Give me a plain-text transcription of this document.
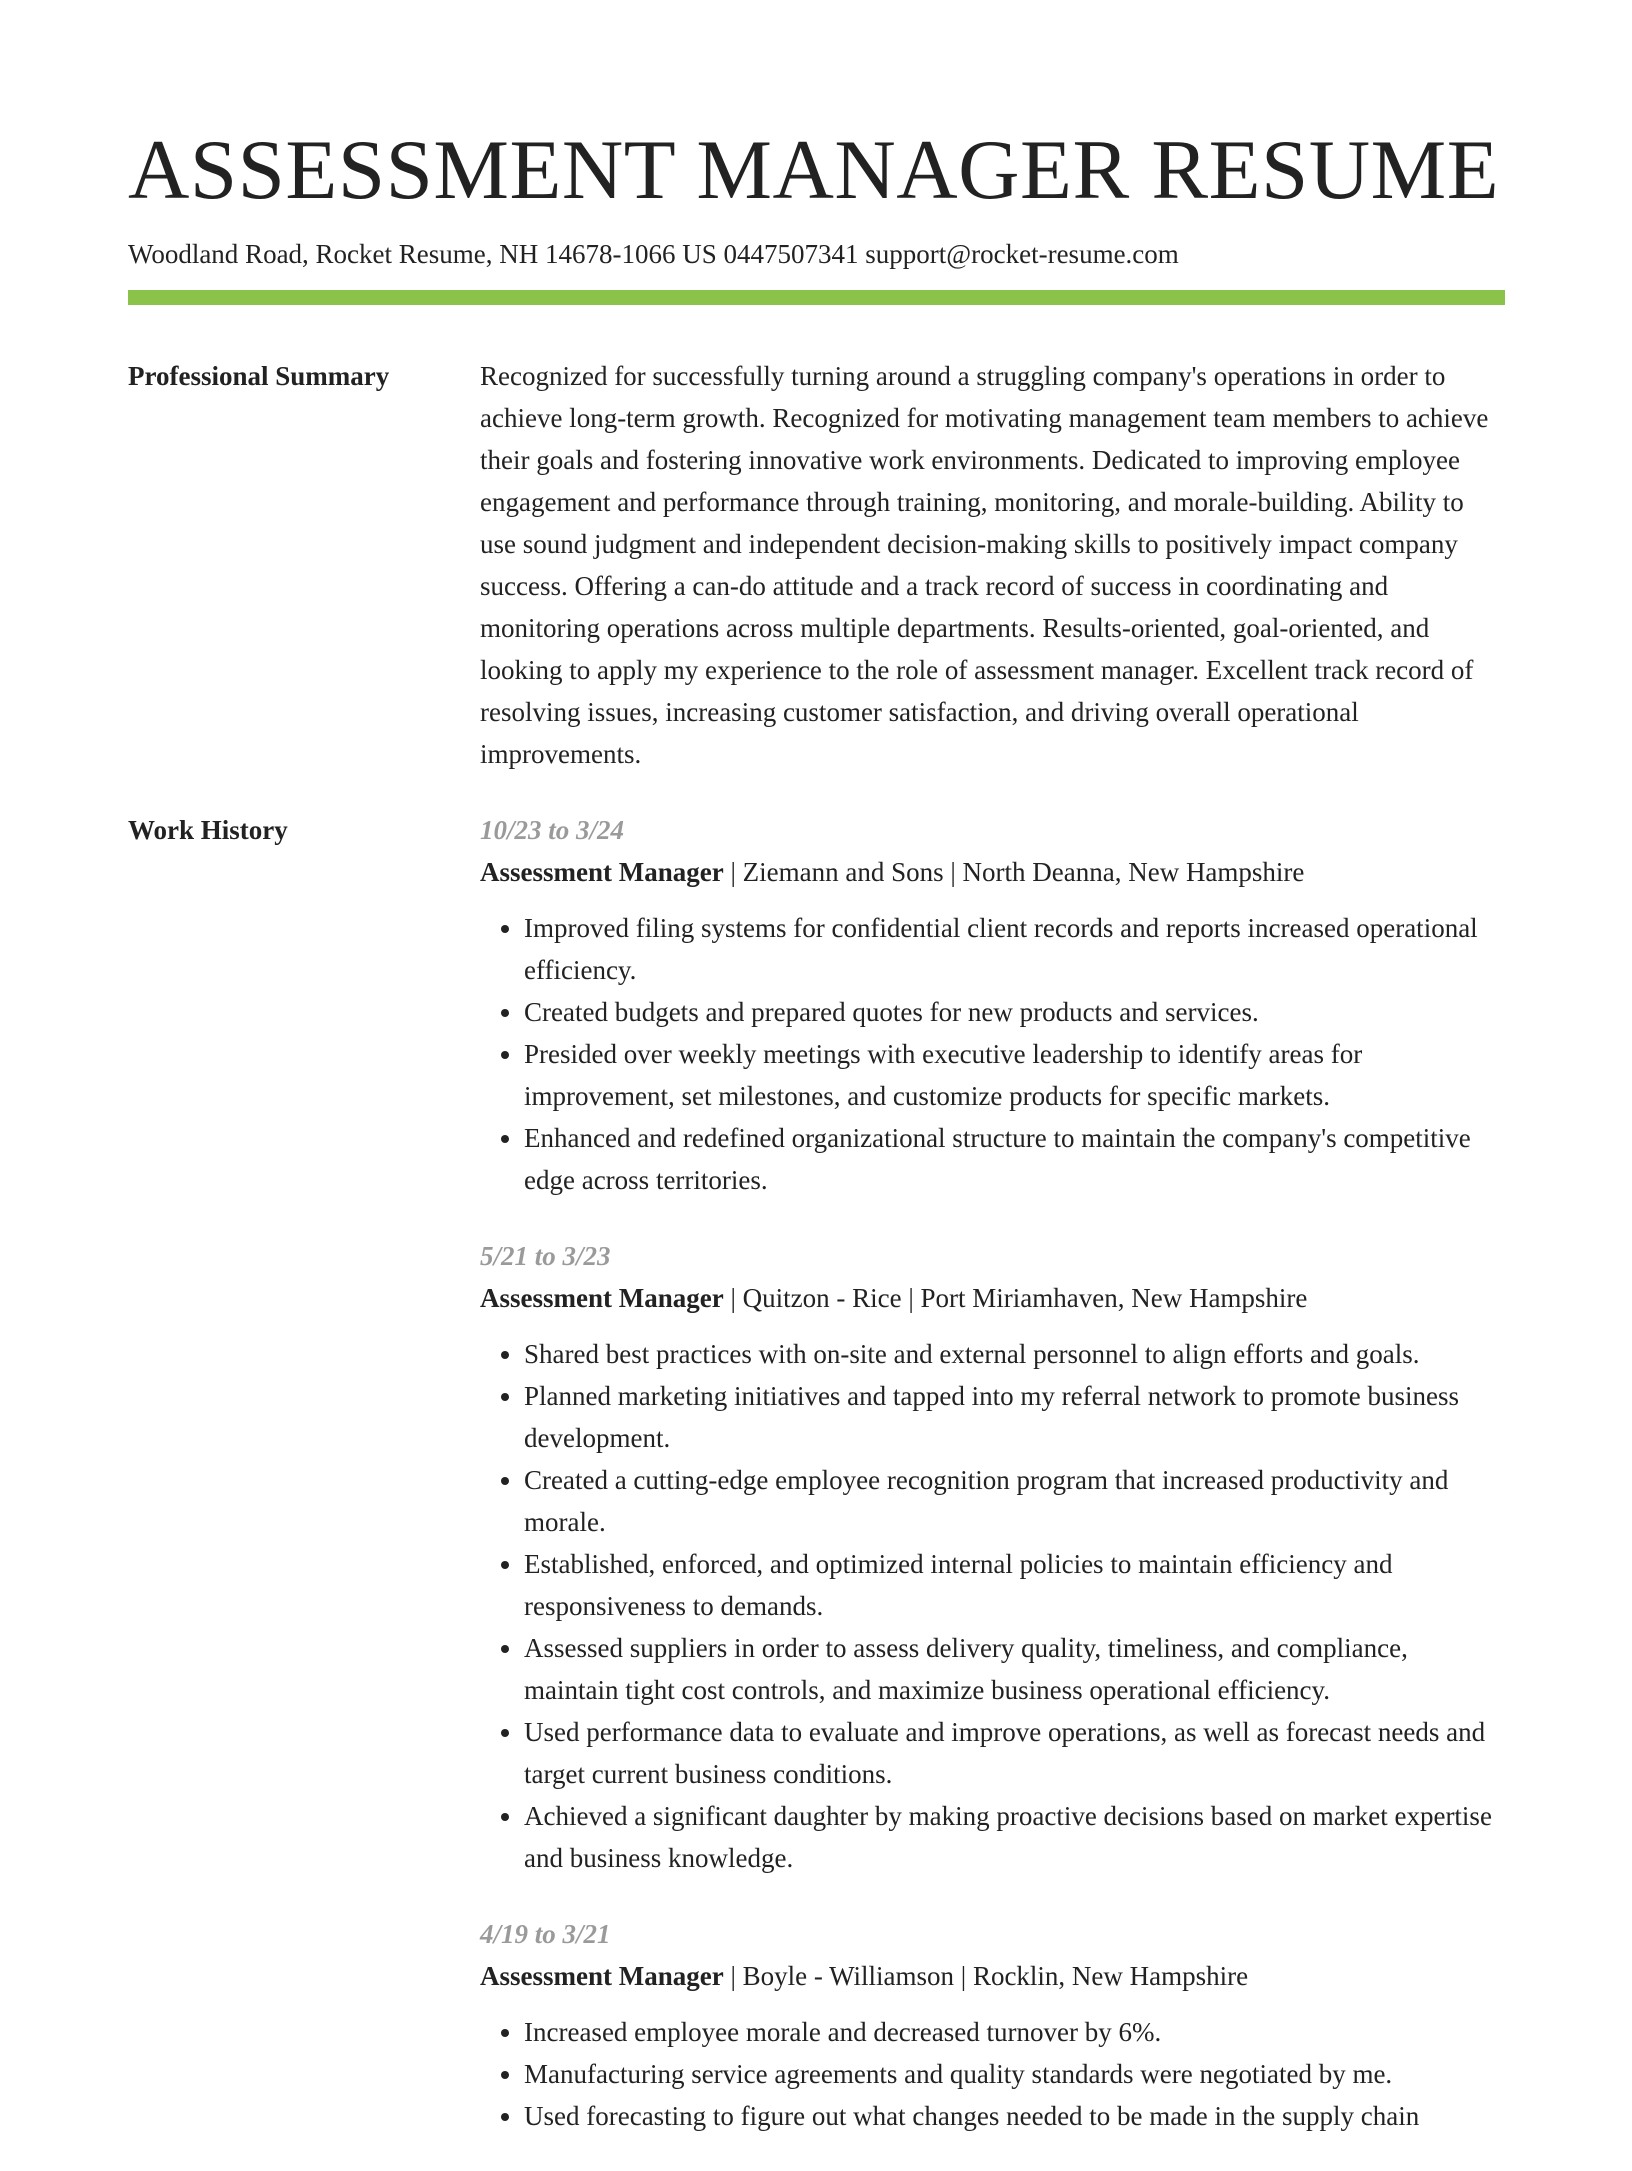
ASSESSMENT MANAGER RESUME
Woodland Road, Rocket Resume, NH 14678-1066 US 0447507341 support@rocket-resume.com
Professional Summary	Recognized for successfully turning around a struggling company's operations in order to achieve long-term growth. Recognized for motivating management team members to achieve their goals and fostering innovative work environments. Dedicated to improving employee engagement and performance through training, monitoring, and morale-building. Ability to use sound judgment and independent decision-making skills to positively impact company success. Offering a can-do attitude and a track record of success in coordinating and monitoring operations across multiple departments. Results-oriented, goal-oriented, and looking to apply my experience to the role of assessment manager. Excellent track record of resolving issues, increasing customer satisfaction, and driving overall operational improvements.

Work History	10/23 to 3/24
Assessment Manager | Ziemann and Sons | North Deanna, New Hampshire
• Improved filing systems for confidential client records and reports increased operational efficiency.
• Created budgets and prepared quotes for new products and services.
• Presided over weekly meetings with executive leadership to identify areas for improvement, set milestones, and customize products for specific markets.
• Enhanced and redefined organizational structure to maintain the company's competitive edge across territories.
5/21 to 3/23
Assessment Manager | Quitzon - Rice | Port Miriamhaven, New Hampshire
• Shared best practices with on-site and external personnel to align efforts and goals.
• Planned marketing initiatives and tapped into my referral network to promote business development.
• Created a cutting-edge employee recognition program that increased productivity and morale.
• Established, enforced, and optimized internal policies to maintain efficiency and responsiveness to demands.
• Assessed suppliers in order to assess delivery quality, timeliness, and compliance, maintain tight cost controls, and maximize business operational efficiency.
• Used performance data to evaluate and improve operations, as well as forecast needs and target current business conditions.
• Achieved a significant daughter by making proactive decisions based on market expertise and business knowledge.
4/19 to 3/21
Assessment Manager | Boyle - Williamson | Rocklin, New Hampshire
• Increased employee morale and decreased turnover by 6%.
• Manufacturing service agreements and quality standards were negotiated by me.
• Used forecasting to figure out what changes needed to be made in the supply chain
